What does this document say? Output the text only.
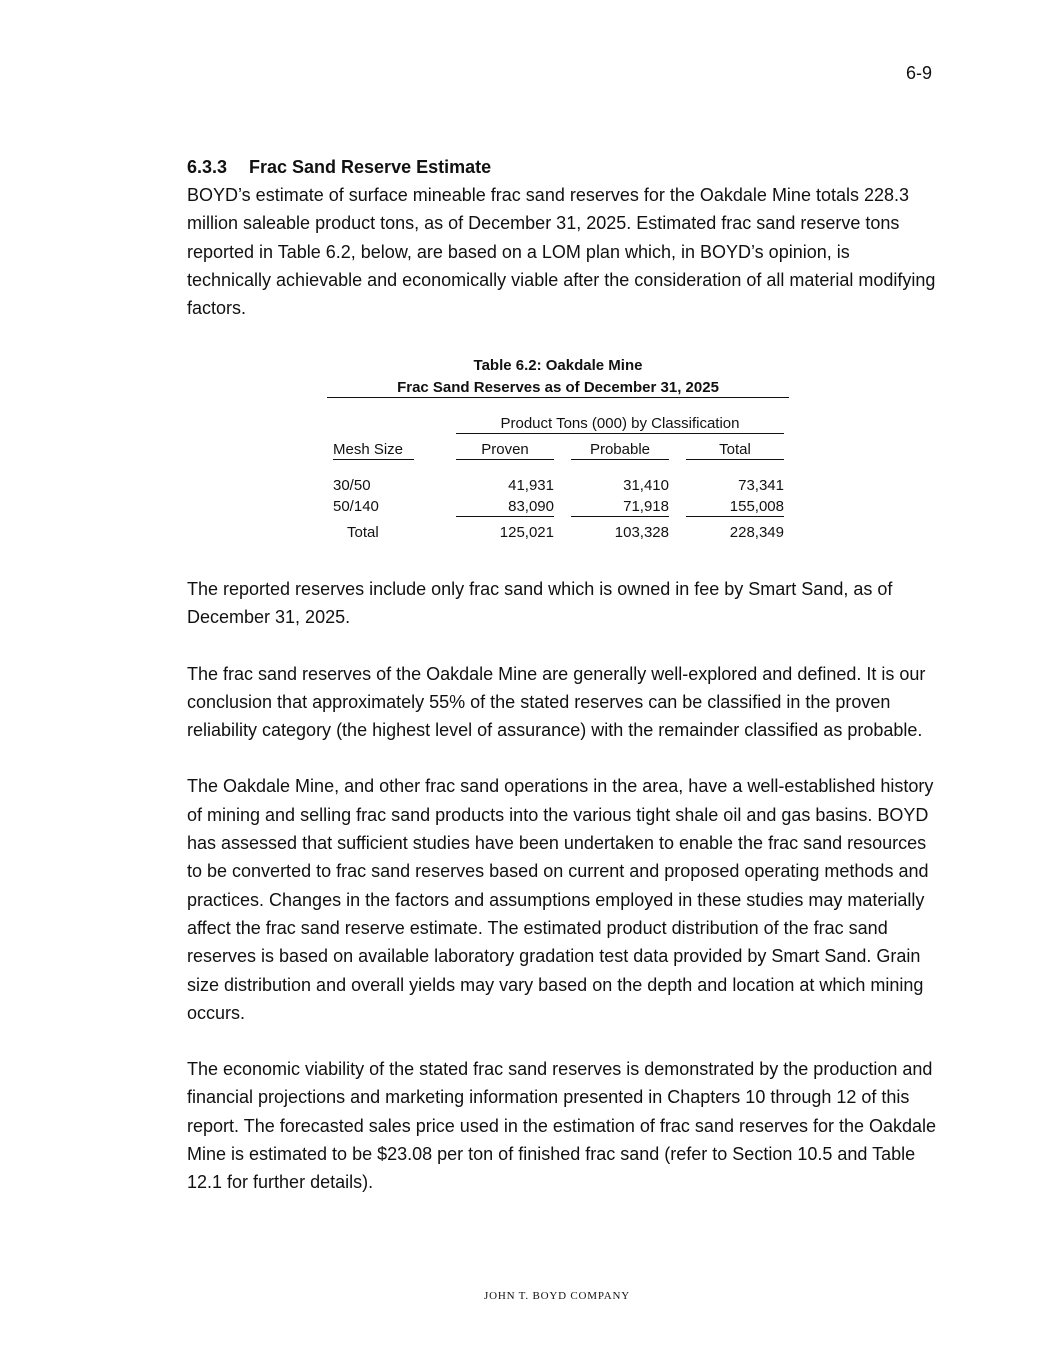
6-9

6.3.3 Frac Sand Reserve Estimate

BOYD’s estimate of surface mineable frac sand reserves for the Oakdale Mine totals 228.3 million saleable product tons, as of December 31, 2025. Estimated frac sand reserve tons reported in Table 6.2, below, are based on a LOM plan which, in BOYD’s opinion, is technically achievable and economically viable after the consideration of all material modifying factors.

Table 6.2: Oakdale Mine
Frac Sand Reserves as of December 31, 2025
Product Tons (000) by Classification
Mesh Size	Proven	Probable	Total
30/50	41,931	31,410	73,341
50/140	83,090	71,918	155,008
Total	125,021	103,328	228,349

The reported reserves include only frac sand which is owned in fee by Smart Sand, as of December 31, 2025.

The frac sand reserves of the Oakdale Mine are generally well-explored and defined. It is our conclusion that approximately 55% of the stated reserves can be classified in the proven reliability category (the highest level of assurance) with the remainder classified as probable.

The Oakdale Mine, and other frac sand operations in the area, have a well-established history of mining and selling frac sand products into the various tight shale oil and gas basins. BOYD has assessed that sufficient studies have been undertaken to enable the frac sand resources to be converted to frac sand reserves based on current and proposed operating methods and practices. Changes in the factors and assumptions employed in these studies may materially affect the frac sand reserve estimate. The estimated product distribution of the frac sand reserves is based on available laboratory gradation test data provided by Smart Sand. Grain size distribution and overall yields may vary based on the depth and location at which mining occurs.

The economic viability of the stated frac sand reserves is demonstrated by the production and financial projections and marketing information presented in Chapters 10 through 12 of this report. The forecasted sales price used in the estimation of frac sand reserves for the Oakdale Mine is estimated to be $23.08 per ton of finished frac sand (refer to Section 10.5 and Table 12.1 for further details).

JOHN T. BOYD COMPANY
